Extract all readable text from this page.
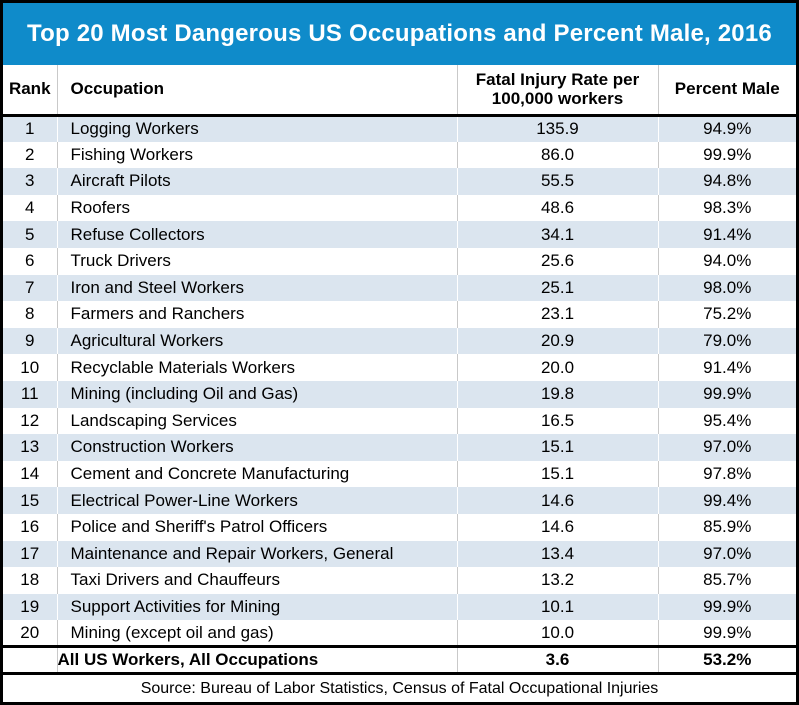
Top 20 Most Dangerous US Occupations and Percent Male, 2016
Rank	Occupation	Fatal Injury Rate per 100,000 workers	Percent Male
1	Logging Workers	135.9	94.9%
2	Fishing Workers	86.0	99.9%
3	Aircraft Pilots	55.5	94.8%
4	Roofers	48.6	98.3%
5	Refuse Collectors	34.1	91.4%
6	Truck Drivers	25.6	94.0%
7	Iron and Steel Workers	25.1	98.0%
8	Farmers and Ranchers	23.1	75.2%
9	Agricultural Workers	20.9	79.0%
10	Recyclable Materials Workers	20.0	91.4%
11	Mining (including Oil and Gas)	19.8	99.9%
12	Landscaping Services	16.5	95.4%
13	Construction Workers	15.1	97.0%
14	Cement and Concrete Manufacturing	15.1	97.8%
15	Electrical Power-Line Workers	14.6	99.4%
16	Police and Sheriff's Patrol Officers	14.6	85.9%
17	Maintenance and Repair Workers, General	13.4	97.0%
18	Taxi Drivers and Chauffeurs	13.2	85.7%
19	Support Activities for Mining	10.1	99.9%
20	Mining (except oil and gas)	10.0	99.9%
	All US Workers, All Occupations	3.6	53.2%
Source: Bureau of Labor Statistics, Census of Fatal Occupational Injuries
